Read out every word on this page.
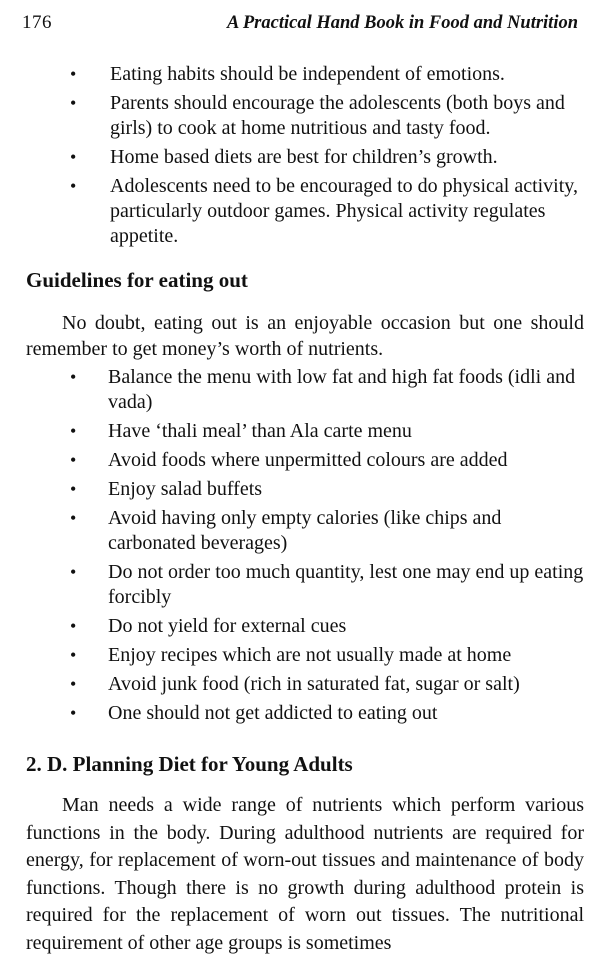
176	A Practical Hand Book in Food and Nutrition
• Eating habits should be independent of emotions.
• Parents should encourage the adolescents (both boys and girls) to cook at home nutritious and tasty food.
• Home based diets are best for children’s growth.
• Adolescents need to be encouraged to do physical activity, particularly outdoor games. Physical activity regulates appetite.
Guidelines for eating out

No doubt, eating out is an enjoyable occasion but one should remember to get money’s worth of nutrients.

• Balance the menu with low fat and high fat foods (idli and vada)
• Have ‘thali meal’ than Ala carte menu
• Avoid foods where unpermitted colours are added
• Enjoy salad buffets
• Avoid having only empty calories (like chips and carbonated beverages)
• Do not order too much quantity, lest one may end up eating forcibly
• Do not yield for external cues
• Enjoy recipes which are not usually made at home
• Avoid junk food (rich in saturated fat, sugar or salt)
• One should not get addicted to eating out
2. D. Planning Diet for Young Adults

Man needs a wide range of nutrients which perform various functions in the body. During adulthood nutrients are required for energy, for replacement of worn-out tissues and maintenance of body functions. Though there is no growth during adulthood protein is required for the replacement of worn out tissues. The nutritional requirement of other age groups is sometimes
